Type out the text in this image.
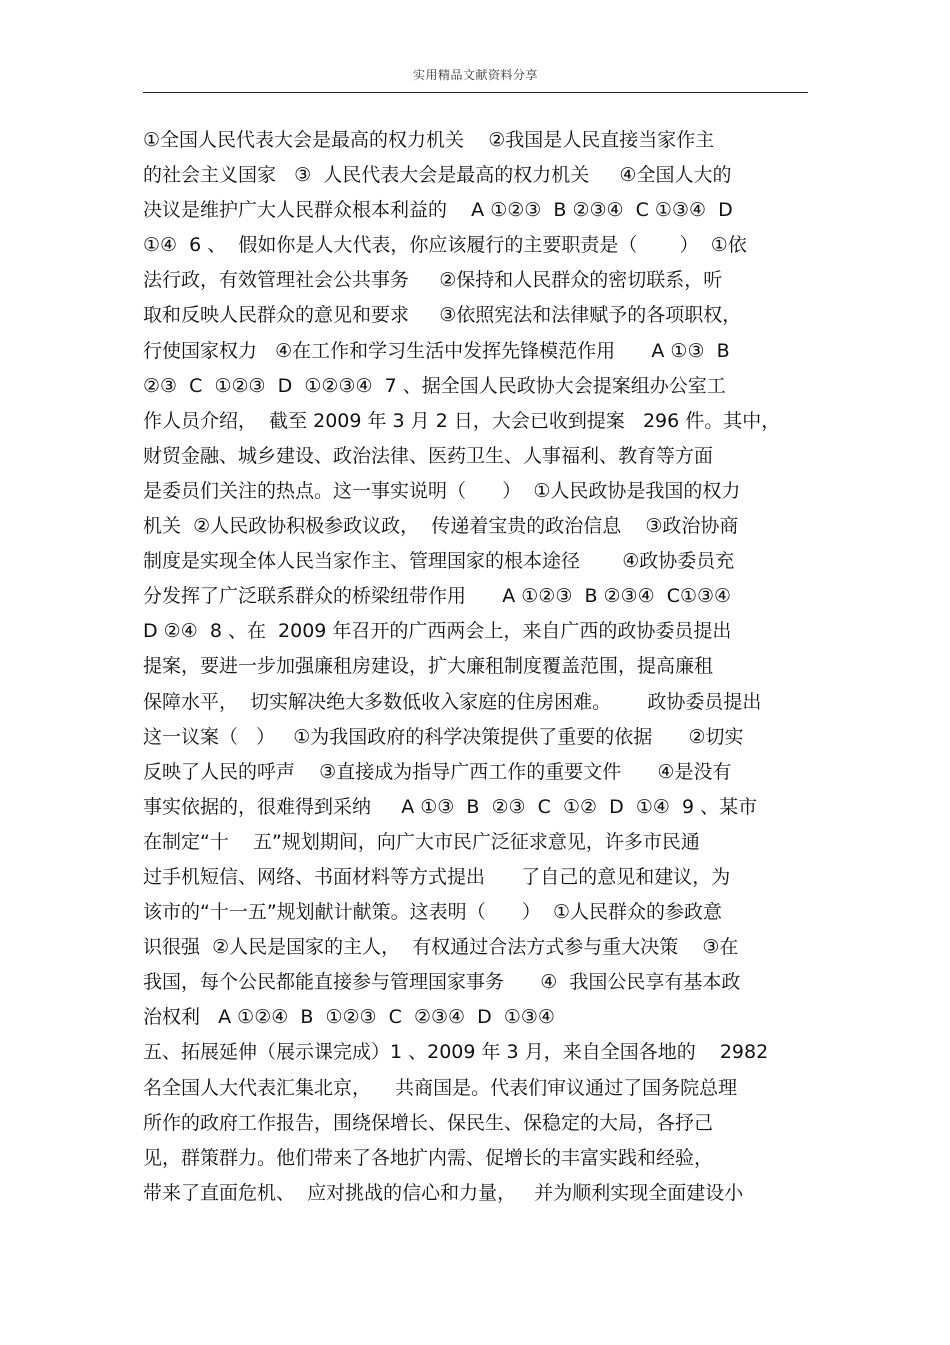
实用精品文献资料分享
①全国人民代表大会是最高的权力机关    ②我国是人民直接当家作主
的社会主义国家   ③  人民代表大会是最高的权力机关     ④全国人大的
决议是维护广大人民群众根本利益的    A ①②③  B ②③④  C ①③④  D
①④  6 、  假如你是人大代表，你应该履行的主要职责是（       ）  ①依
法行政，有效管理社会公共事务     ②保持和人民群众的密切联系，听
取和反映人民群众的意见和要求     ③依照宪法和法律赋予的各项职权，
行使国家权力   ④在工作和学习生活中发挥先锋模范作用      A ①③  B
②③  C  ①②③  D  ①②③④  7 、据全国人民政协大会提案组办公室工
作人员介绍，  截至 2009 年 3 月 2 日，大会已收到提案   296 件。其中，
财贸金融、城乡建设、政治法律、医药卫生、人事福利、教育等方面
是委员们关注的热点。这一事实说明（      ）  ①人民政协是我国的权力
机关  ②人民政协积极参政议政，  传递着宝贵的政治信息    ③政治协商
制度是实现全体人民当家作主、管理国家的根本途径       ④政协委员充
分发挥了广泛联系群众的桥梁纽带作用      A ①②③  B ②③④  C①③④
D ②④  8 、在  2009 年召开的广西两会上，来自广西的政协委员提出
提案，要进一步加强廉租房建设，扩大廉租制度覆盖范围，提高廉租
保障水平，  切实解决绝大多数低收入家庭的住房困难。      政协委员提出
这一议案（   ）   ①为我国政府的科学决策提供了重要的依据      ②切实
反映了人民的呼声    ③直接成为指导广西工作的重要文件      ④是没有
事实依据的，很难得到采纳     A ①③  B  ②③  C  ①②  D  ①④  9 、某市
在制定“十    五”规划期间，向广大市民广泛征求意见，许多市民通
过手机短信、网络、书面材料等方式提出      了自己的意见和建议，为
该市的“十一五”规划献计献策。这表明（      ）  ①人民群众的参政意
识很强  ②人民是国家的主人，  有权通过合法方式参与重大决策    ③在
我国，每个公民都能直接参与管理国家事务      ④  我国公民享有基本政
治权利   A ①②④  B  ①②③  C  ②③④  D  ①③④
五、拓展延伸（展示课完成）1 、2009 年 3 月，来自全国各地的    2982
名全国人大代表汇集北京，    共商国是。代表们审议通过了国务院总理
所作的政府工作报告，围绕保增长、保民生、保稳定的大局，各抒己
见，群策群力。他们带来了各地扩内需、促增长的丰富实践和经验，
带来了直面危机、  应对挑战的信心和力量，   并为顺利实现全面建设小
